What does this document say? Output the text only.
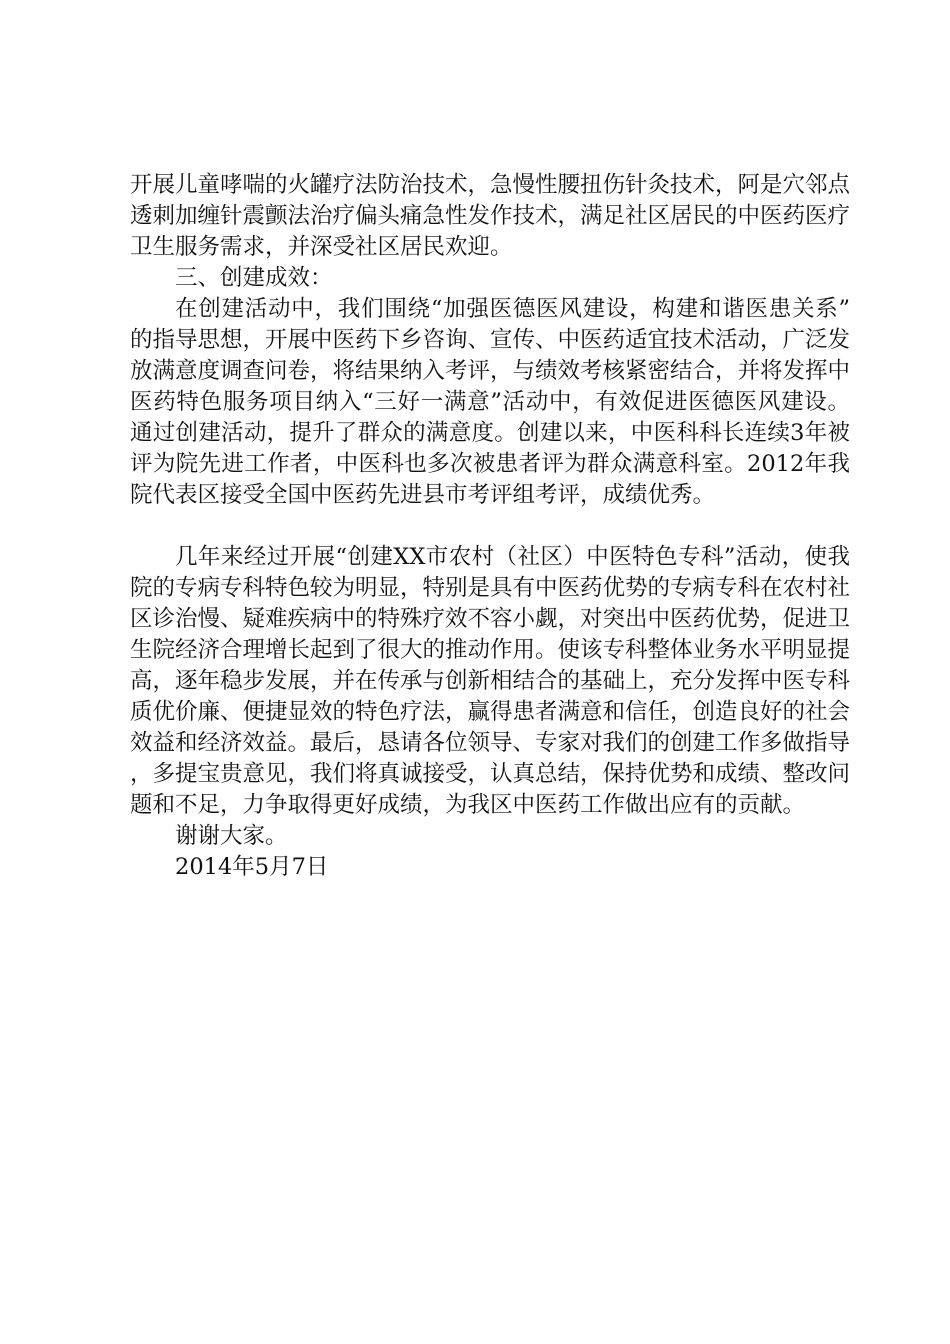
开展儿童哮喘的火罐疗法防治技术，急慢性腰扭伤针灸技术，阿是穴邻点透刺加缠针震颤法治疗偏头痛急性发作技术，满足社区居民的中医药医疗卫生服务需求，并深受社区居民欢迎。

三、创建成效：

在创建活动中，我们围绕“加强医德医风建设，构建和谐医患关系”的指导思想，开展中医药下乡咨询、宣传、中医药适宜技术活动，广泛发放满意度调查问卷，将结果纳入考评，与绩效考核紧密结合，并将发挥中医药特色服务项目纳入“三好一满意”活动中，有效促进医德医风建设。通过创建活动，提升了群众的满意度。创建以来，中医科科长连续3年被评为院先进工作者，中医科也多次被患者评为群众满意科室。2012年我院代表区接受全国中医药先进县市考评组考评，成绩优秀。

几年来经过开展“创建XX市农村（社区）中医特色专科”活动，使我院的专病专科特色较为明显，特别是具有中医药优势的专病专科在农村社区诊治慢、疑难疾病中的特殊疗效不容小觑，对突出中医药优势，促进卫生院经济合理增长起到了很大的推动作用。使该专科整体业务水平明显提高，逐年稳步发展，并在传承与创新相结合的基础上，充分发挥中医专科质优价廉、便捷显效的特色疗法，赢得患者满意和信任，创造良好的社会效益和经济效益。最后，恳请各位领导、专家对我们的创建工作多做指导，多提宝贵意见，我们将真诚接受，认真总结，保持优势和成绩、整改问题和不足，力争取得更好成绩，为我区中医药工作做出应有的贡献。

谢谢大家。

2014年5月7日
